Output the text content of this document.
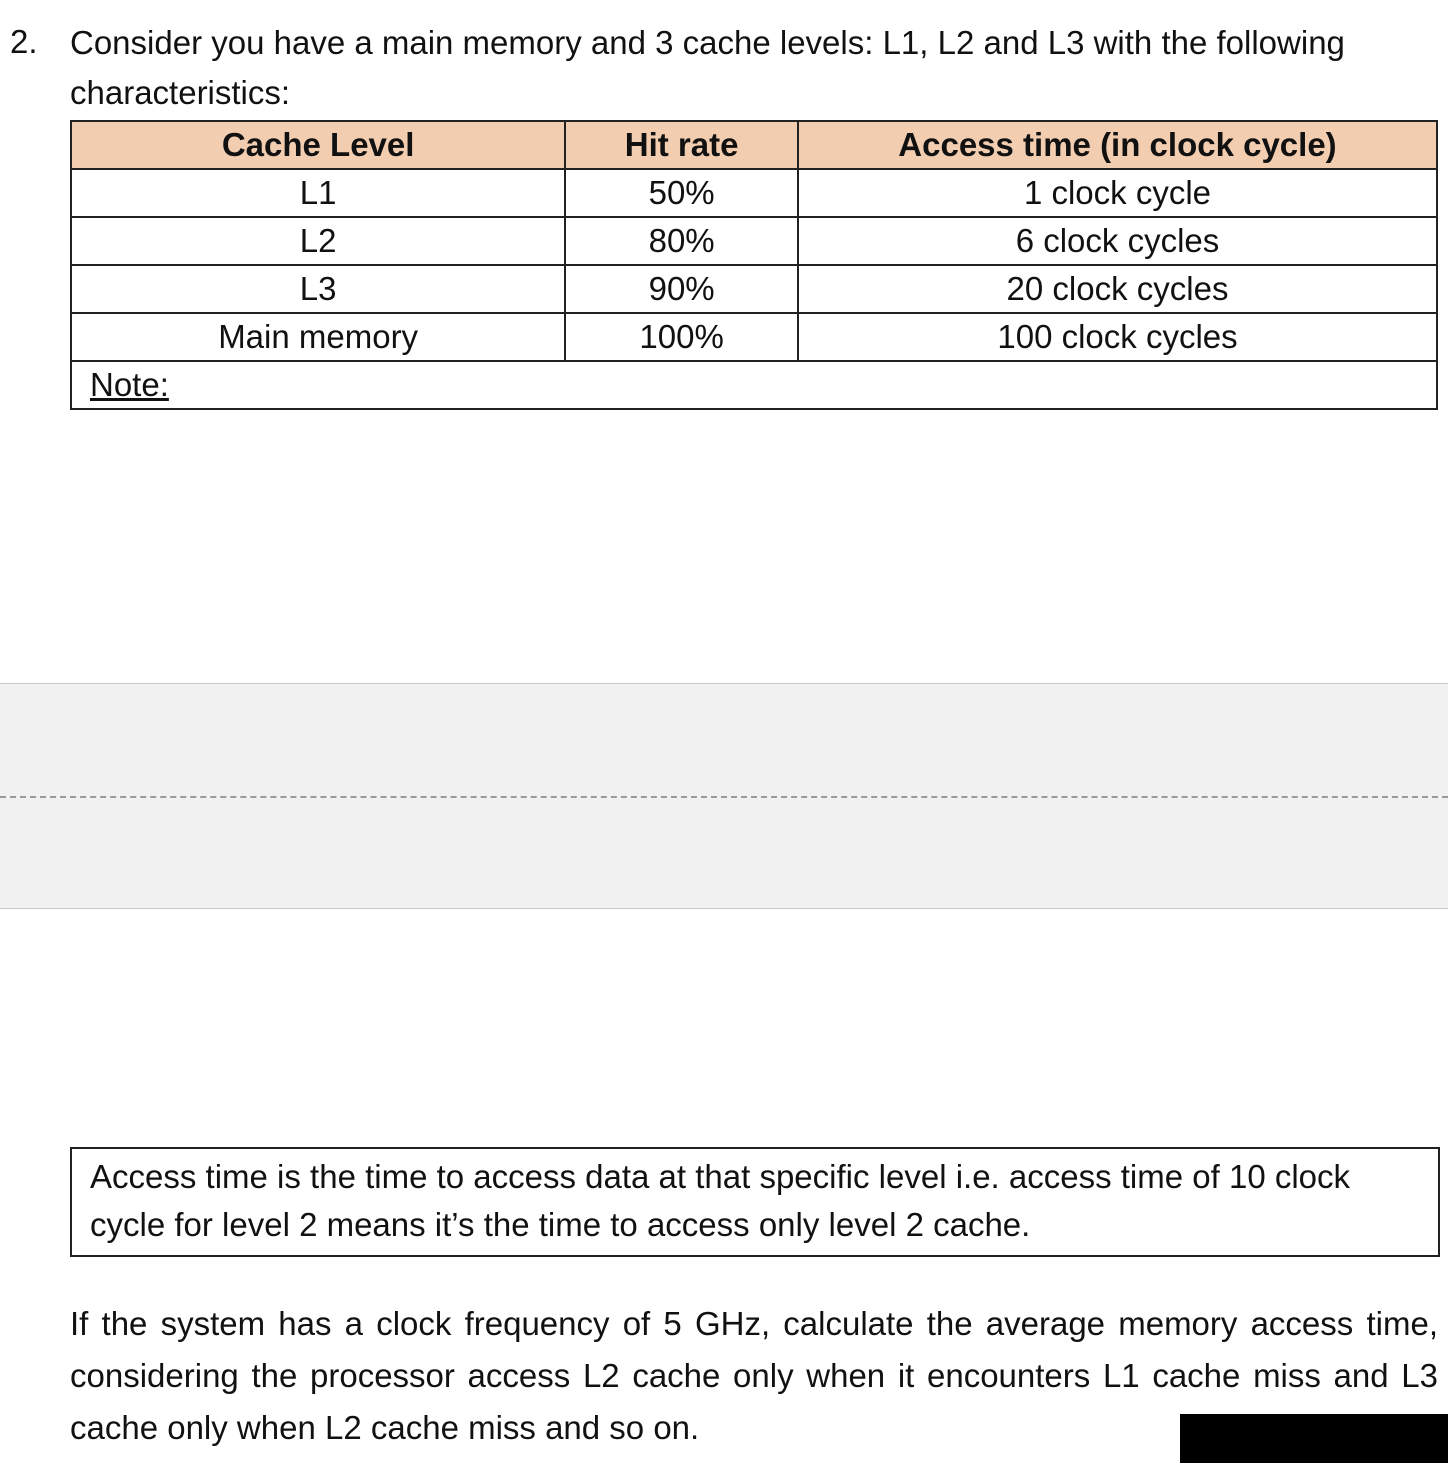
2. Consider you have a main memory and 3 cache levels: L1, L2 and L3 with the following
characteristics:
Cache Level	Hit rate	Access time (in clock cycle)
L1	50%	1 clock cycle
L2	80%	6 clock cycles
L3	90%	20 clock cycles
Main memory	100%	100 clock cycles
Note:		
Access time is the time to access data at that specific level i.e. access time of 10 clock cycle for level 2 means it’s the time to access only level 2 cache.
If the system has a clock frequency of 5 GHz, calculate the average memory access time, considering the processor access L2 cache only when it encounters L1 cache miss and L3 cache only when L2 cache miss and so on.
